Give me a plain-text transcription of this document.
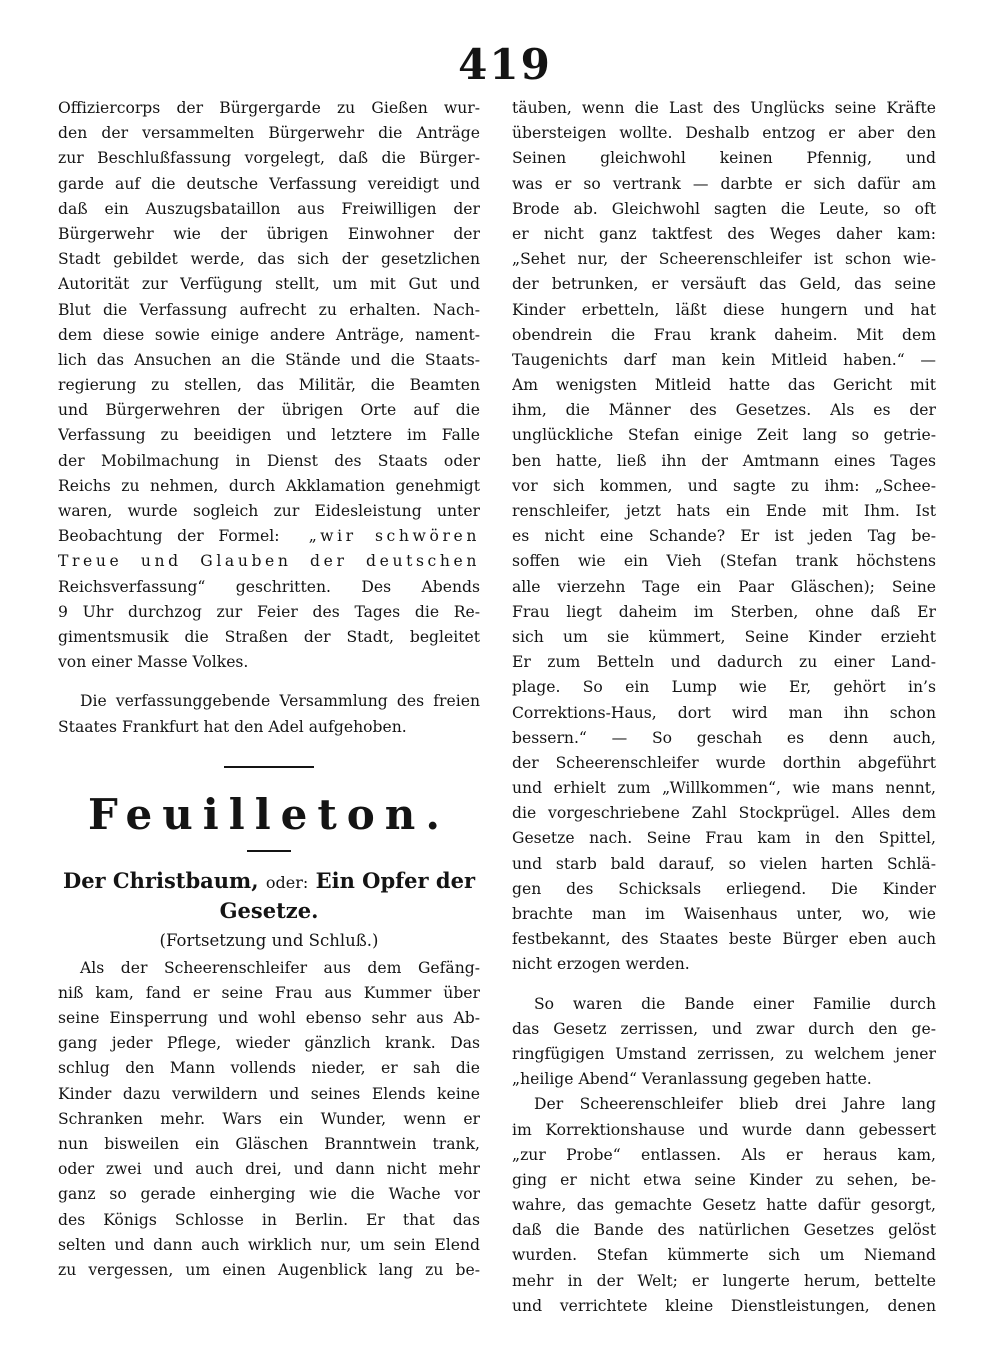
419
Offiziercorps der Bürgergarde zu Gießen wur-
den der versammelten Bürgerwehr die Anträge
zur Beschlußfassung vorgelegt, daß die Bürger-
garde auf die deutsche Verfassung vereidigt und
daß ein Auszugsbataillon aus Freiwilligen der
Bürgerwehr wie der übrigen Einwohner der
Stadt gebildet werde, das sich der gesetzlichen
Autorität zur Verfügung stellt, um mit Gut und
Blut die Verfassung aufrecht zu erhalten. Nach-
dem diese sowie einige andere Anträge, nament-
lich das Ansuchen an die Stände und die Staats-
regierung zu stellen, das Militär, die Beamten
und Bürgerwehren der übrigen Orte auf die
Verfassung zu beeidigen und letztere im Falle
der Mobilmachung in Dienst des Staats oder
Reichs zu nehmen, durch Akklamation genehmigt
waren, wurde sogleich zur Eidesleistung unter
Beobachtung der Formel: „wir schwören
Treue und Glauben der deutschen
Reichsverfassung“ geschritten. Des Abends
9 Uhr durchzog zur Feier des Tages die Re-
gimentsmusik die Straßen der Stadt, begleitet
von einer Masse Volkes.
Die verfassunggebende Versammlung des freien
Staates Frankfurt hat den Adel aufgehoben.
Feuilleton.
Der Christbaum, oder: Ein Opfer der
Gesetze.
(Fortsetzung und Schluß.)
Als der Scheerenschleifer aus dem Gefäng-
niß kam, fand er seine Frau aus Kummer über
seine Einsperrung und wohl ebenso sehr aus Ab-
gang jeder Pflege, wieder gänzlich krank. Das
schlug den Mann vollends nieder, er sah die
Kinder dazu verwildern und seines Elends keine
Schranken mehr. Wars ein Wunder, wenn er
nun bisweilen ein Gläschen Branntwein trank,
oder zwei und auch drei, und dann nicht mehr
ganz so gerade einherging wie die Wache vor
des Königs Schlosse in Berlin. Er that das
selten und dann auch wirklich nur, um sein Elend
zu vergessen, um einen Augenblick lang zu be-
täuben, wenn die Last des Unglücks seine Kräfte
übersteigen wollte. Deshalb entzog er aber den
Seinen gleichwohl keinen Pfennig, und
was er so vertrank — darbte er sich dafür am
Brode ab. Gleichwohl sagten die Leute, so oft
er nicht ganz taktfest des Weges daher kam:
„Sehet nur, der Scheerenschleifer ist schon wie-
der betrunken, er versäuft das Geld, das seine
Kinder erbetteln, läßt diese hungern und hat
obendrein die Frau krank daheim. Mit dem
Taugenichts darf man kein Mitleid haben.“ —
Am wenigsten Mitleid hatte das Gericht mit
ihm, die Männer des Gesetzes. Als es der
unglückliche Stefan einige Zeit lang so getrie-
ben hatte, ließ ihn der Amtmann eines Tages
vor sich kommen, und sagte zu ihm: „Schee-
renschleifer, jetzt hats ein Ende mit Ihm. Ist
es nicht eine Schande? Er ist jeden Tag be-
soffen wie ein Vieh (Stefan trank höchstens
alle vierzehn Tage ein Paar Gläschen); Seine
Frau liegt daheim im Sterben, ohne daß Er
sich um sie kümmert, Seine Kinder erzieht
Er zum Betteln und dadurch zu einer Land-
plage. So ein Lump wie Er, gehört in’s
Correktions-Haus, dort wird man ihn schon
bessern.“ — So geschah es denn auch,
der Scheerenschleifer wurde dorthin abgeführt
und erhielt zum „Willkommen“, wie mans nennt,
die vorgeschriebene Zahl Stockprügel. Alles dem
Gesetze nach. Seine Frau kam in den Spittel,
und starb bald darauf, so vielen harten Schlä-
gen des Schicksals erliegend. Die Kinder
brachte man im Waisenhaus unter, wo, wie
festbekannt, des Staates beste Bürger eben auch
nicht erzogen werden.
So waren die Bande einer Familie durch
das Gesetz zerrissen, und zwar durch den ge-
ringfügigen Umstand zerrissen, zu welchem jener
„heilige Abend“ Veranlassung gegeben hatte.
Der Scheerenschleifer blieb drei Jahre lang
im Korrektionshause und wurde dann gebessert
„zur Probe“ entlassen. Als er heraus kam,
ging er nicht etwa seine Kinder zu sehen, be-
wahre, das gemachte Gesetz hatte dafür gesorgt,
daß die Bande des natürlichen Gesetzes gelöst
wurden. Stefan kümmerte sich um Niemand
mehr in der Welt; er lungerte herum, bettelte
und verrichtete kleine Dienstleistungen, denen
